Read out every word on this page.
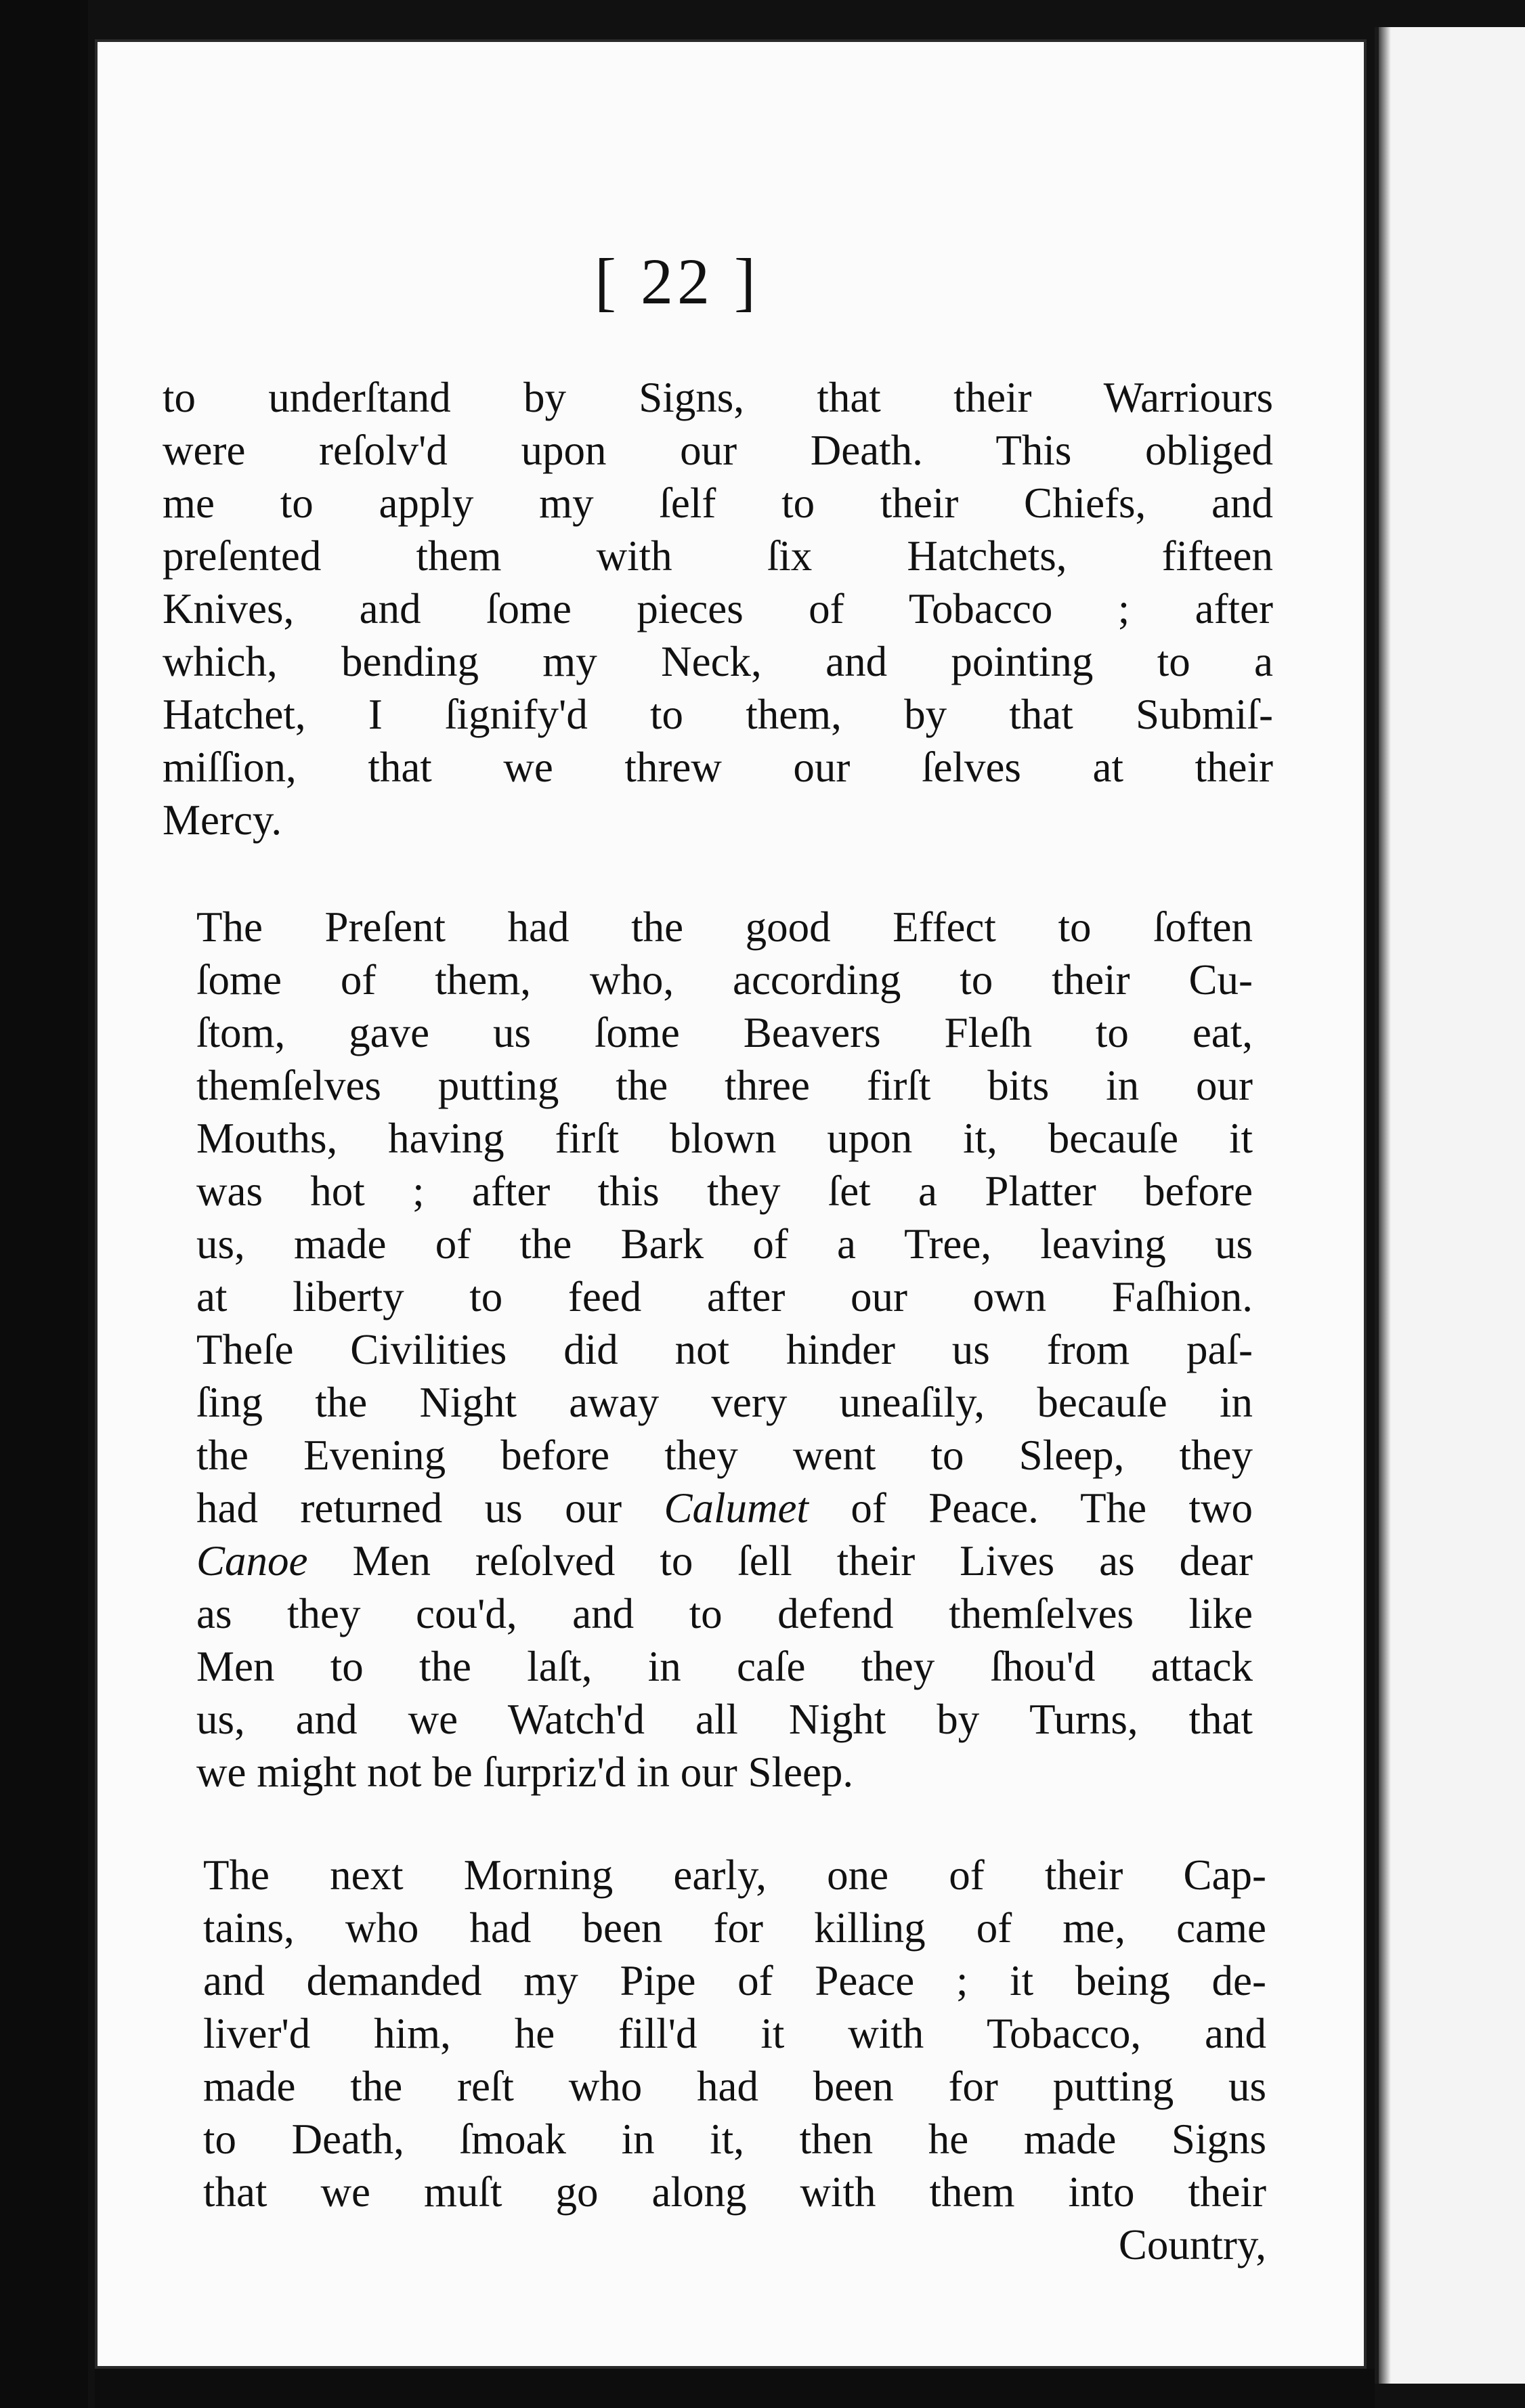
[ 22 ]
to underſtand by Signs, that their Warriours
were reſolv'd upon our Death. This obliged
me to apply my ſelf to their Chiefs, and
preſented them with ſix Hatchets, fifteen
Knives, and ſome pieces of Tobacco ; after
which, bending my Neck, and pointing to a
Hatchet, I ſignify'd to them, by that Submiſ-
miſſion, that we threw our ſelves at their
Mercy.
The Preſent had the good Effect to ſoften
ſome of them, who, according to their Cu-
ſtom, gave us ſome Beavers Fleſh to eat,
themſelves putting the three firſt bits in our
Mouths, having firſt blown upon it, becauſe it
was hot ; after this they ſet a Platter before
us, made of the Bark of a Tree, leaving us
at liberty to feed after our own Faſhion.
Theſe Civilities did not hinder us from paſ-
ſing the Night away very uneaſily, becauſe in
the Evening before they went to Sleep, they
had returned us our Calumet of Peace. The two
Canoe Men reſolved to ſell their Lives as dear
as they cou'd, and to defend themſelves like
Men to the laſt, in caſe they ſhou'd attack
us, and we Watch'd all Night by Turns, that
we might not be ſurpriz'd in our Sleep.
The next Morning early, one of their Cap-
tains, who had been for killing of me, came
and demanded my Pipe of Peace ; it being de-
liver'd him, he fill'd it with Tobacco, and
made the reſt who had been for putting us
to Death, ſmoak in it, then he made Signs
that we muſt go along with them into their
Country,
